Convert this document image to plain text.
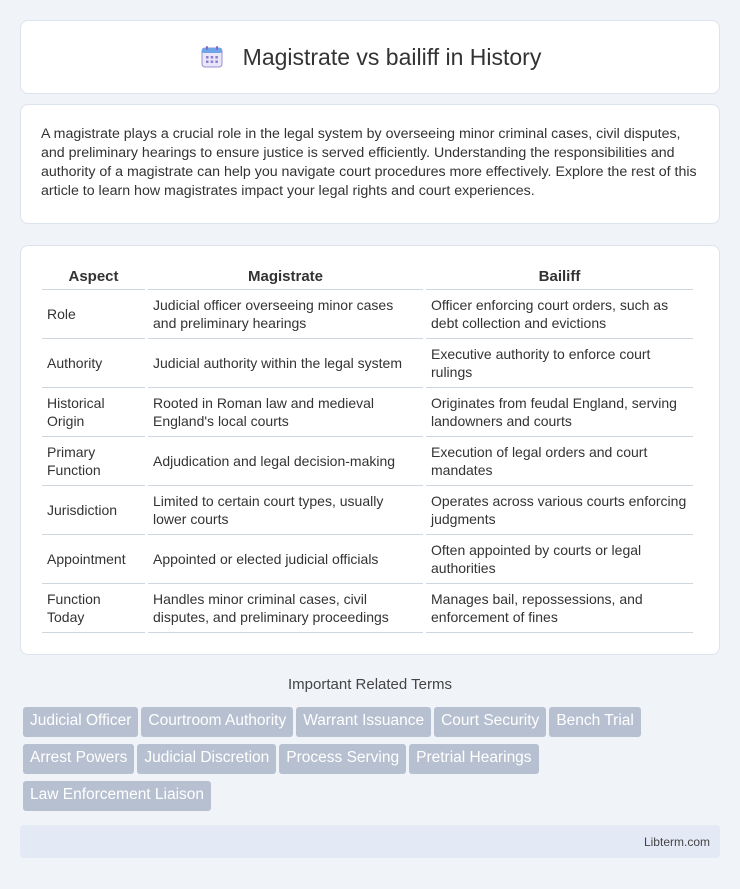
Magistrate vs bailiff in History

A magistrate plays a crucial role in the legal system by overseeing minor criminal cases, civil disputes, and preliminary hearings to ensure justice is served efficiently. Understanding the responsibilities and authority of a magistrate can help you navigate court procedures more effectively. Explore the rest of this article to learn how magistrates impact your legal rights and court experiences.

Aspect	Magistrate	Bailiff
Role	Judicial officer overseeing minor cases and preliminary hearings	Officer enforcing court orders, such as debt collection and evictions
Authority	Judicial authority within the legal system	Executive authority to enforce court rulings
Historical Origin	Rooted in Roman law and medieval England's local courts	Originates from feudal England, serving landowners and courts
Primary Function	Adjudication and legal decision-making	Execution of legal orders and court mandates
Jurisdiction	Limited to certain court types, usually lower courts	Operates across various courts enforcing judgments
Appointment	Appointed or elected judicial officials	Often appointed by courts or legal authorities
Function Today	Handles minor criminal cases, civil disputes, and preliminary proceedings	Manages bail, repossessions, and enforcement of fines
Important Related Terms
Judicial Officer Courtroom Authority Warrant Issuance Court Security Bench TrialArrest Powers Judicial Discretion Process Serving Pretrial HearingsLaw Enforcement Liaison
Libterm.com
